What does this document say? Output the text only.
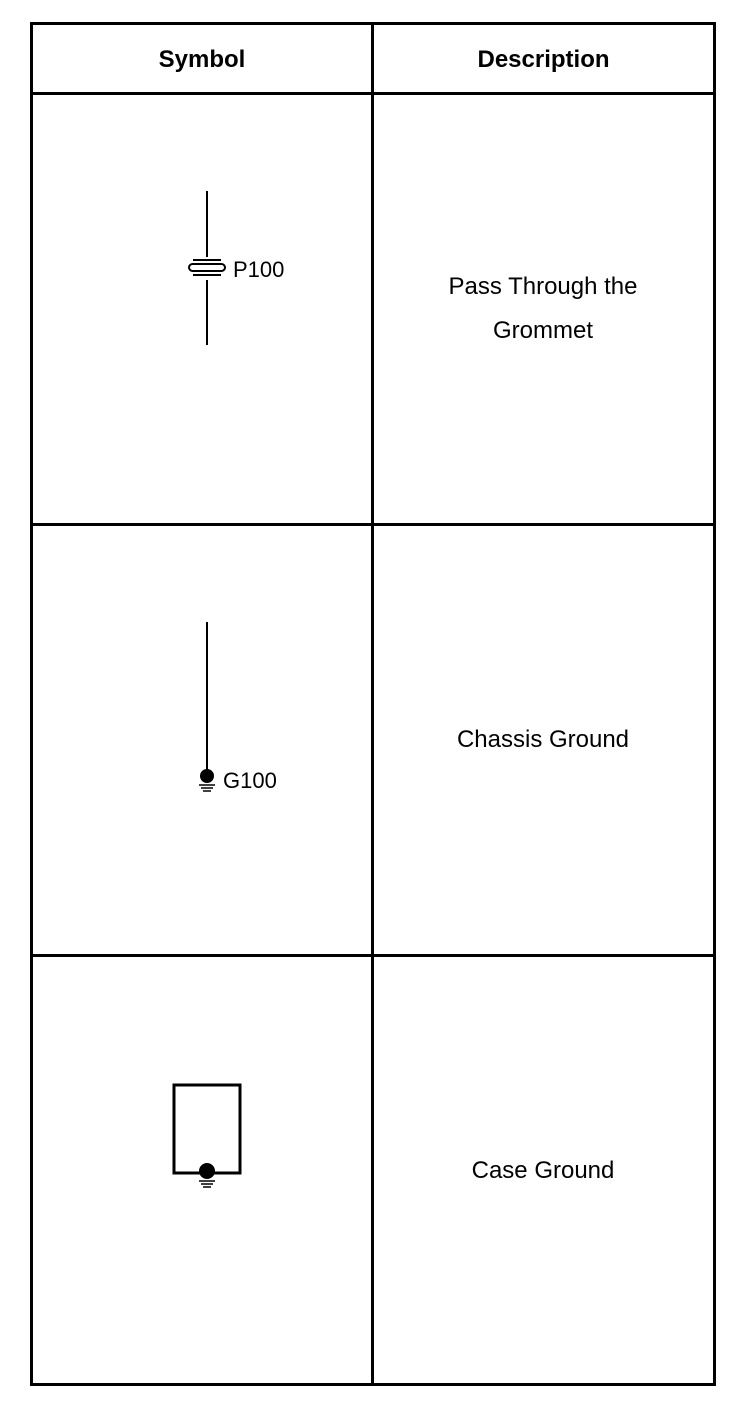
Symbol	Description
P100
Pass Through the Grommet
G100
Chassis Ground
Case Ground
